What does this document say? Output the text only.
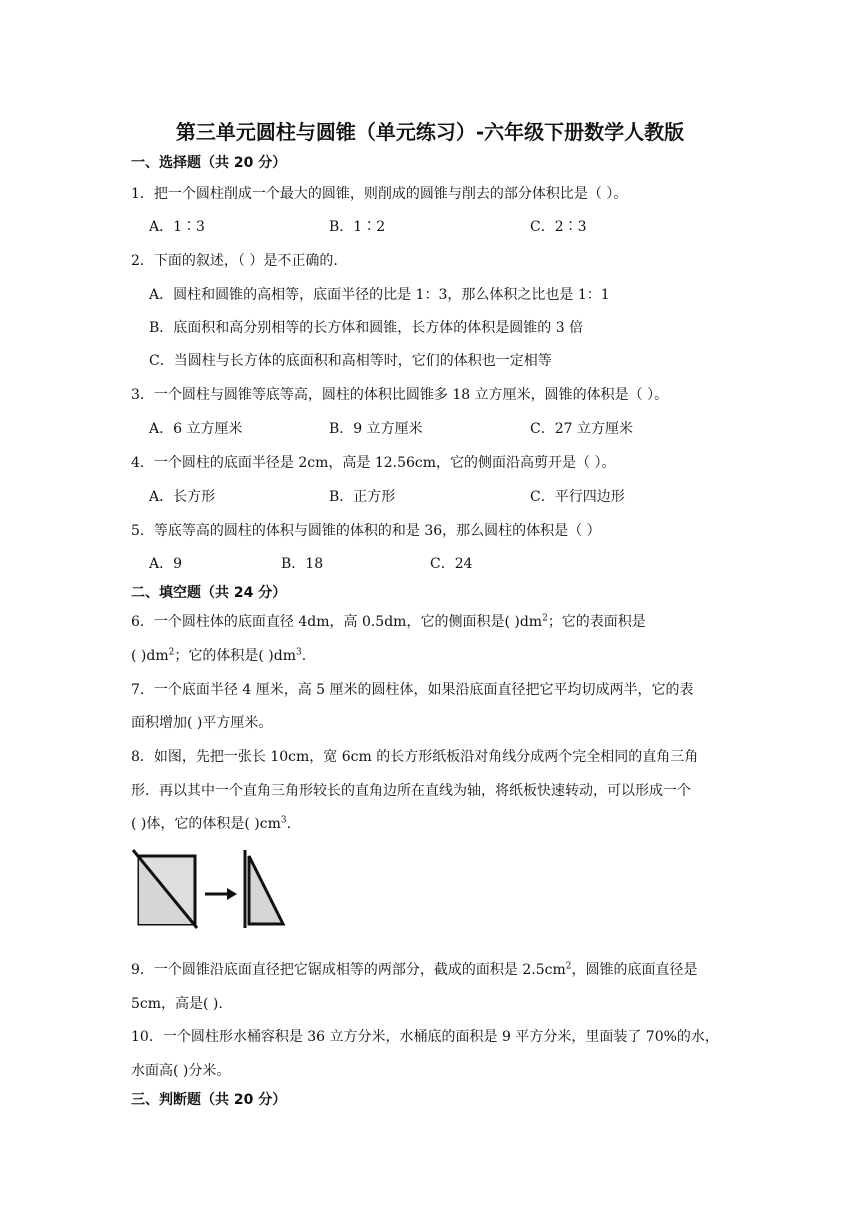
第三单元圆柱与圆锥（单元练习）-六年级下册数学人教版
一、选择题（共 20 分）
1．把一个圆柱削成一个最大的圆锥，则削成的圆锥与削去的部分体积比是（ ）。
A．1∶3	B．1∶2	C．2∶3
2．下面的叙述，（ ）是不正确的.
A．圆柱和圆锥的高相等，底面半径的比是 1：3，那么体积之比也是 1：1
B．底面积和高分别相等的长方体和圆锥，长方体的体积是圆锥的 3 倍
C．当圆柱与长方体的底面积和高相等时，它们的体积也一定相等
3．一个圆柱与圆锥等底等高，圆柱的体积比圆锥多 18 立方厘米，圆锥的体积是（ ）。
A．6 立方厘米	B．9 立方厘米	C．27 立方厘米
4．一个圆柱的底面半径是 2cm，高是 12.56cm，它的侧面沿高剪开是（ ）。
A．长方形	B．正方形	C．平行四边形
5．等底等高的圆柱的体积与圆锥的体积的和是 36，那么圆柱的体积是（ ）
A．9	B．18	C．24
二、填空题（共 24 分）
6．一个圆柱体的底面直径 4dm，高 0.5dm，它的侧面积是( )$dm^2$；它的表面积是
( )$dm^2$；它的体积是( )$dm^3$.
7．一个底面半径 4 厘米，高 5 厘米的圆柱体，如果沿底面直径把它平均切成两半，它的表
面积增加( )平方厘米。
8．如图，先把一张长 10cm，宽 6cm 的长方形纸板沿对角线分成两个完全相同的直角三角
形．再以其中一个直角三角形较长的直角边所在直线为轴，将纸板快速转动，可以形成一个
( )体，它的体积是( )$cm^3$.
9．一个圆锥沿底面直径把它锯成相等的两部分，截成的面积是 $2.5cm^2$，圆锥的底面直径是
5cm，高是( ).
10．一个圆柱形水桶容积是 36 立方分米，水桶底的面积是 9 平方分米，里面装了 70%的水，
水面高( )分米。
三、判断题（共 20 分）
